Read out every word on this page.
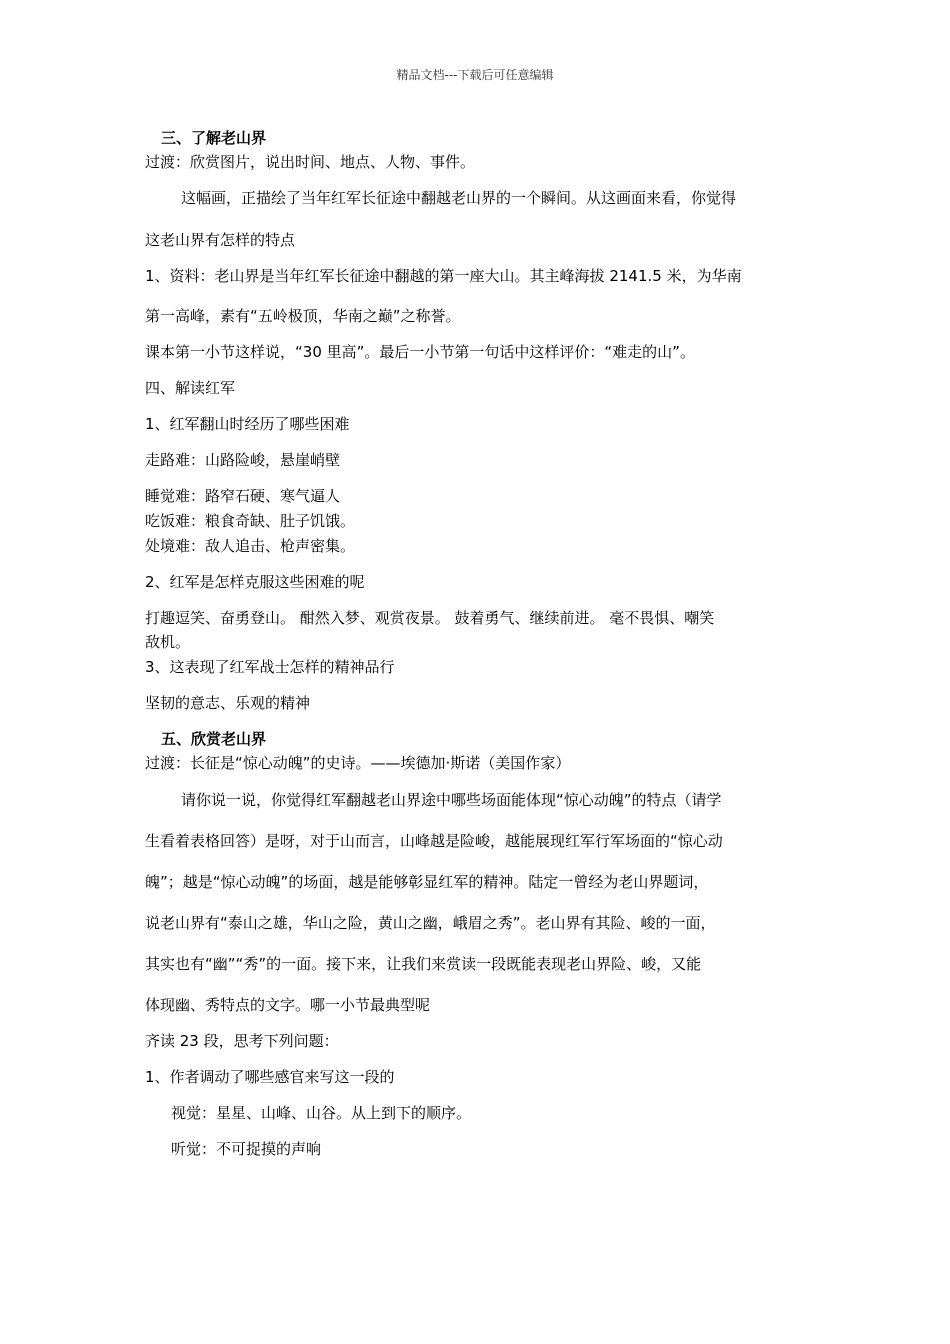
精品文档---下载后可任意编辑
三、了解老山界
过渡：欣赏图片，说出时间、地点、人物、事件。
这幅画，正描绘了当年红军长征途中翻越老山界的一个瞬间。从这画面来看，你觉得
这老山界有怎样的特点
1、资料：老山界是当年红军长征途中翻越的第一座大山。其主峰海拔 2141.5 米，为华南
第一高峰，素有“五岭极顶，华南之巅”之称誉。
课本第一小节这样说，“30 里高”。最后一小节第一句话中这样评价：“难走的山”。
四、解读红军
1、红军翻山时经历了哪些困难
走路难：山路险峻，悬崖峭壁
睡觉难：路窄石硬、寒气逼人
吃饭难：粮食奇缺、肚子饥饿。
处境难：敌人追击、枪声密集。
2、红军是怎样克服这些困难的呢
打趣逗笑、奋勇登山。 酣然入梦、观赏夜景。 鼓着勇气、继续前进。 毫不畏惧、嘲笑
敌机。
3、这表现了红军战士怎样的精神品行
坚韧的意志、乐观的精神
五、欣赏老山界
过渡：长征是“惊心动魄”的史诗。——埃德加·斯诺（美国作家）
请你说一说，你觉得红军翻越老山界途中哪些场面能体现“惊心动魄”的特点（请学
生看着表格回答）是呀，对于山而言，山峰越是险峻，越能展现红军行军场面的“惊心动
魄”；越是“惊心动魄”的场面，越是能够彰显红军的精神。陆定一曾经为老山界题词，
说老山界有“泰山之雄，华山之险，黄山之幽，峨眉之秀”。老山界有其险、峻的一面，
其实也有“幽”“秀”的一面。接下来，让我们来赏读一段既能表现老山界险、峻，又能
体现幽、秀特点的文字。哪一小节最典型呢
齐读 23 段，思考下列问题：
1、作者调动了哪些感官来写这一段的
视觉：星星、山峰、山谷。从上到下的顺序。
听觉：不可捉摸的声响
